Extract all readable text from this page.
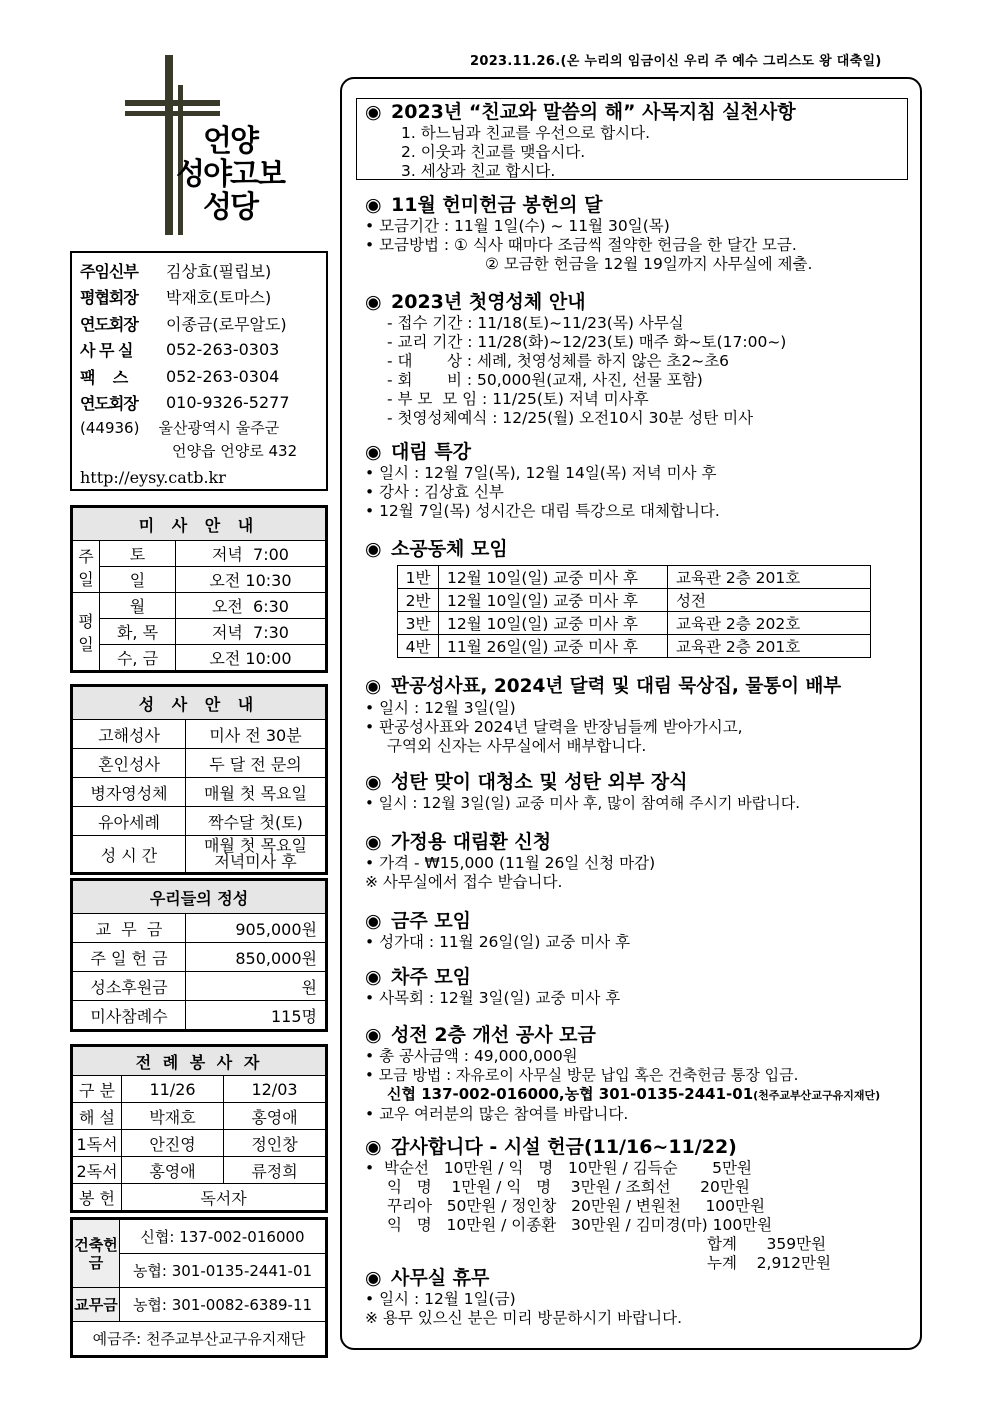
2023.11.26.(온 누리의 임금이신 우리 주 예수 그리스도 왕 대축일)
언양
성야고보
성당
주임신부	김상효(필립보)
평협회장	박재호(토마스)
연도회장	이종금(로무알도)
사 무 실	052-263-0303
팩    스	052-263-0304
연도회장	010-9326-5277
(44936)    울산광역시 울주군
언양읍 언양로 432
http://eysy.catb.kr
미 사 안 내		
주일	토	저녁  7:00
	일	오전 10:30
평일	월	오전  6:30
	화, 목	저녁  7:30
	수, 금	오전 10:00
성 사 안 내	
고해성사	미사 전 30분
혼인성사	두 달 전 문의
병자영성체	매월 첫 목요일
유아세례	짝수달 첫(토)
성 시 간	매월 첫 목요일 저녁미사 후
우리들의 정성	
교  무  금	905,000원
주 일 헌 금	850,000원
성소후원금	원
미사참례수	115명
전 례 봉 사 자		
구 분	11/26	12/03
해 설	박재호	홍영애
1독서	안진영	정인창
2독서	홍영애	류정희
봉 헌	독서자	
건축헌금	신협: 137-002-016000
	농협: 301-0135-2441-01
교무금	농협: 301-0082-6389-11
예금주: 천주교부산교구유지재단	
◉ 2023년 “친교와 말씀의 해” 사목지침 실천사항
1. 하느님과 친교를 우선으로 합시다.
2. 이웃과 친교를 맺읍시다.
3. 세상과 친교 합시다.
◉ 11월 헌미헌금 봉헌의 달
• 모금기간 : 11월 1일(수) ~ 11월 30일(목)
• 모금방법 : ① 식사 때마다 조금씩 절약한 헌금을 한 달간 모금.
② 모금한 헌금을 12월 19일까지 사무실에 제출.
◉ 2023년 첫영성체 안내
- 접수 기간 : 11/18(토)~11/23(목) 사무실
- 교리 기간 : 11/28(화)~12/23(토) 매주 화~토(17:00~)
- 대       상 : 세례, 첫영성체를 하지 않은 초2~초6
- 회       비 : 50,000원(교재, 사진, 선물 포함)
- 부 모  모 임 : 11/25(토) 저녁 미사후
- 첫영성체예식 : 12/25(월) 오전10시 30분 성탄 미사
◉ 대림 특강
• 일시 : 12월 7일(목), 12월 14일(목) 저녁 미사 후
• 강사 : 김상효 신부
• 12월 7일(목) 성시간은 대림 특강으로 대체합니다.
◉ 소공동체 모임
1반	12월 10일(일) 교중 미사 후	교육관 2층 201호
2반	12월 10일(일) 교중 미사 후	성전
3반	12월 10일(일) 교중 미사 후	교육관 2층 202호
4반	11월 26일(일) 교중 미사 후	교육관 2층 201호
◉ 판공성사표, 2024년 달력 및 대림 묵상집, 물통이 배부
• 일시 : 12월 3일(일)
• 판공성사표와 2024년 달력을 반장님들께 받아가시고,
구역외 신자는 사무실에서 배부합니다.
◉ 성탄 맞이 대청소 및 성탄 외부 장식
• 일시 : 12월 3일(일) 교중 미사 후, 많이 참여해 주시기 바랍니다.
◉ 가정용 대림환 신청
• 가격 - ₩15,000 (11월 26일 신청 마감)
※ 사무실에서 접수 받습니다.
◉ 금주 모임
• 성가대 : 11월 26일(일) 교중 미사 후
◉ 차주 모임
• 사목회 : 12월 3일(일) 교중 미사 후
◉ 성전 2층 개선 공사 모금
• 총 공사금액 : 49,000,000원
• 모금 방법 : 자유로이 사무실 방문 납입 혹은 건축헌금 통장 입금.
신협 137-002-016000,농협 301-0135-2441-01(천주교부산교구유지재단)
• 교우 여러분의 많은 참여를 바랍니다.
◉ 감사합니다 - 시설 헌금(11/16~11/22)
•  박순선   10만원 / 익   명   10만원 / 김득순       5만원
익   명    1만원 / 익   명    3만원 / 조희선      20만원
꾸리아   50만원 / 정인창   20만원 / 변원천     100만원
익   명   10만원 / 이종환   30만원 / 김미경(마) 100만원
합계      359만원
누계    2,912만원
◉ 사무실 휴무
• 일시 : 12월 1일(금)
※ 용무 있으신 분은 미리 방문하시기 바랍니다.
